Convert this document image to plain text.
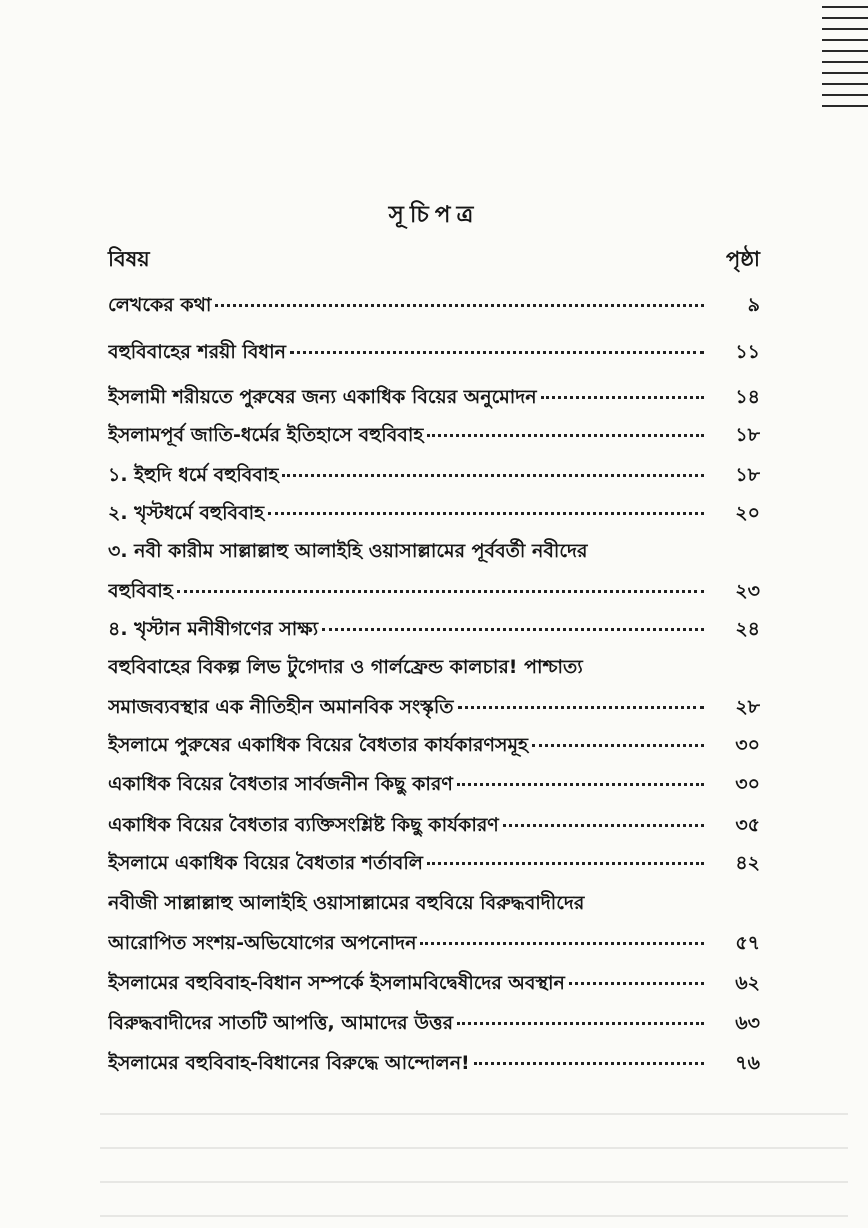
সূচিপত্র
বিষয়	পৃষ্ঠা
লেখকের কথা	৯
বহুবিবাহের শরয়ী বিধান	১১
ইসলামী শরীয়তে পুরুষের জন্য একাধিক বিয়ের অনুমোদন	১৪
ইসলামপূর্ব জাতি-ধর্মের ইতিহাসে বহুবিবাহ	১৮
১. ইহুদি ধর্মে বহুবিবাহ	১৮
২. খৃস্টধর্মে বহুবিবাহ	২০
৩. নবী কারীম সাল্লাল্লাহু আলাইহি ওয়াসাল্লামের পূর্ববর্তী নবীদের
বহুবিবাহ	২৩
৪. খৃস্টান মনীষীগণের সাক্ষ্য	২৪
বহুবিবাহের বিকল্প লিভ টুগেদার ও গার্লফ্রেন্ড কালচার! পাশ্চাত্য
সমাজব্যবস্থার এক নীতিহীন অমানবিক সংস্কৃতি	২৮
ইসলামে পুরুষের একাধিক বিয়ের বৈধতার কার্যকারণসমূহ	৩০
একাধিক বিয়ের বৈধতার সার্বজনীন কিছু কারণ	৩০
একাধিক বিয়ের বৈধতার ব্যক্তিসংশ্লিষ্ট কিছু কার্যকারণ	৩৫
ইসলামে একাধিক বিয়ের বৈধতার শর্তাবলি	৪২
নবীজী সাল্লাল্লাহু আলাইহি ওয়াসাল্লামের বহুবিয়ে বিরুদ্ধবাদীদের
আরোপিত সংশয়-অভিযোগের অপনোদন	৫৭
ইসলামের বহুবিবাহ-বিধান সম্পর্কে ইসলামবিদ্বেষীদের অবস্থান	৬২
বিরুদ্ধবাদীদের সাতটি আপত্তি, আমাদের উত্তর	৬৩
ইসলামের বহুবিবাহ-বিধানের বিরুদ্ধে আন্দোলন!	৭৬
